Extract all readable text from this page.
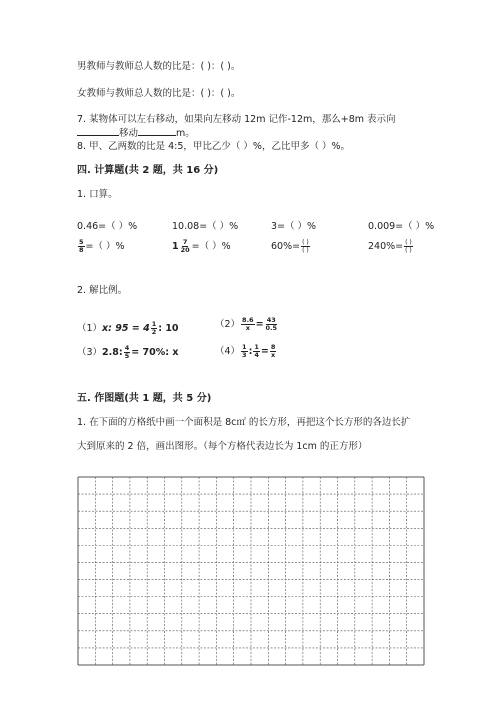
男教师与教师总人数的比是：( )：( )。
女教师与教师总人数的比是：( )：( )。
7. 某物体可以左右移动，如果向左移动 12m 记作-12m，那么+8m 表示向
移动	m。
8. 甲、乙两数的比是 4:5，甲比乙少（ ）%，乙比甲多（ ）%。
四. 计算题(共 2 题，共 16 分)
1. 口算。
0.46=（ ）%	10.08=（ ）%	3=（ ）%	0.009=（ ）%
$\frac{5}{8}$ =（ ）%	$1 \frac{7}{20}$ =（ ）%	$60\%= \frac{( )}{( )}$	$240\%= \frac{( )}{( )}$
2. 解比例。
（1）x: $95 = 4 \frac{1}{2}$ : 10	$(2) \frac{8.6}{x} = \frac{43}{0.5}$
（3）2.8: $\frac{4}{5} = 70\%$: x	$(4) \frac{1}{3}$ : $\frac{1}{4} = \frac{8}{x}$
五. 作图题(共 1 题，共 5 分)
1. 在下面的方格纸中画一个面积是 8c㎡ 的长方形，再把这个长方形的各边长扩
大到原来的 2 倍，画出图形。（每个方格代表边长为 1cm 的正方形）
